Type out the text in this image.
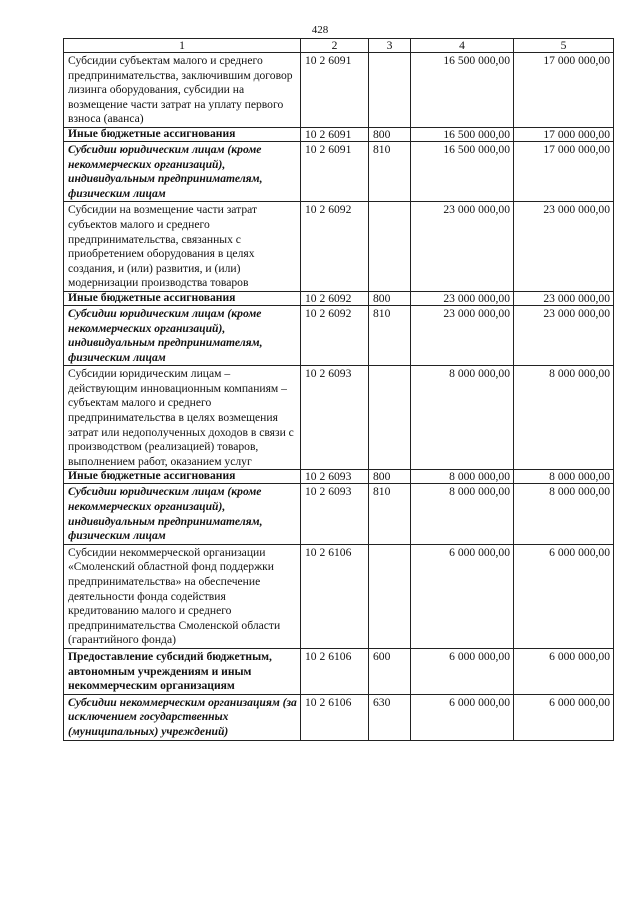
428
1	2	3	4	5
Субсидии субъектам малого и среднего предпринимательства, заключившим договор лизинга оборудования, субсидии на возмещение части затрат на уплату первого взноса (аванса)	10 2 6091		16 500 000,00	17 000 000,00
Иные бюджетные ассигнования	10 2 6091	800	16 500 000,00	17 000 000,00
Субсидии юридическим лицам (кроме некоммерческих организаций), индивидуальным предпринимателям, физическим лицам	10 2 6091	810	16 500 000,00	17 000 000,00
Субсидии на возмещение части затрат субъектов малого и среднего предпринимательства, связанных с приобретением оборудования в целях создания, и (или) развития, и (или) модернизации производства товаров	10 2 6092		23 000 000,00	23 000 000,00
Иные бюджетные ассигнования	10 2 6092	800	23 000 000,00	23 000 000,00
Субсидии юридическим лицам (кроме некоммерческих организаций), индивидуальным предпринимателям, физическим лицам	10 2 6092	810	23 000 000,00	23 000 000,00
Субсидии юридическим лицам – действующим инновационным компаниям – субъектам малого и среднего предпринимательства в целях возмещения затрат или недополученных доходов в связи с производством (реализацией) товаров, выполнением работ, оказанием услуг	10 2 6093		8 000 000,00	8 000 000,00
Иные бюджетные ассигнования	10 2 6093	800	8 000 000,00	8 000 000,00
Субсидии юридическим лицам (кроме некоммерческих организаций), индивидуальным предпринимателям, физическим лицам	10 2 6093	810	8 000 000,00	8 000 000,00
Субсидии некоммерческой организации «Смоленский областной фонд поддержки предпринимательства» на обеспечение деятельности фонда содействия кредитованию малого и среднего предпринимательства Смоленской области (гарантийного фонда)	10 2 6106		6 000 000,00	6 000 000,00
Предоставление субсидий бюджетным, автономным учреждениям и иным некоммерческим организациям	10 2 6106	600	6 000 000,00	6 000 000,00
Субсидии некоммерческим организациям (за исключением государственных (муниципальных) учреждений)	10 2 6106	630	6 000 000,00	6 000 000,00
